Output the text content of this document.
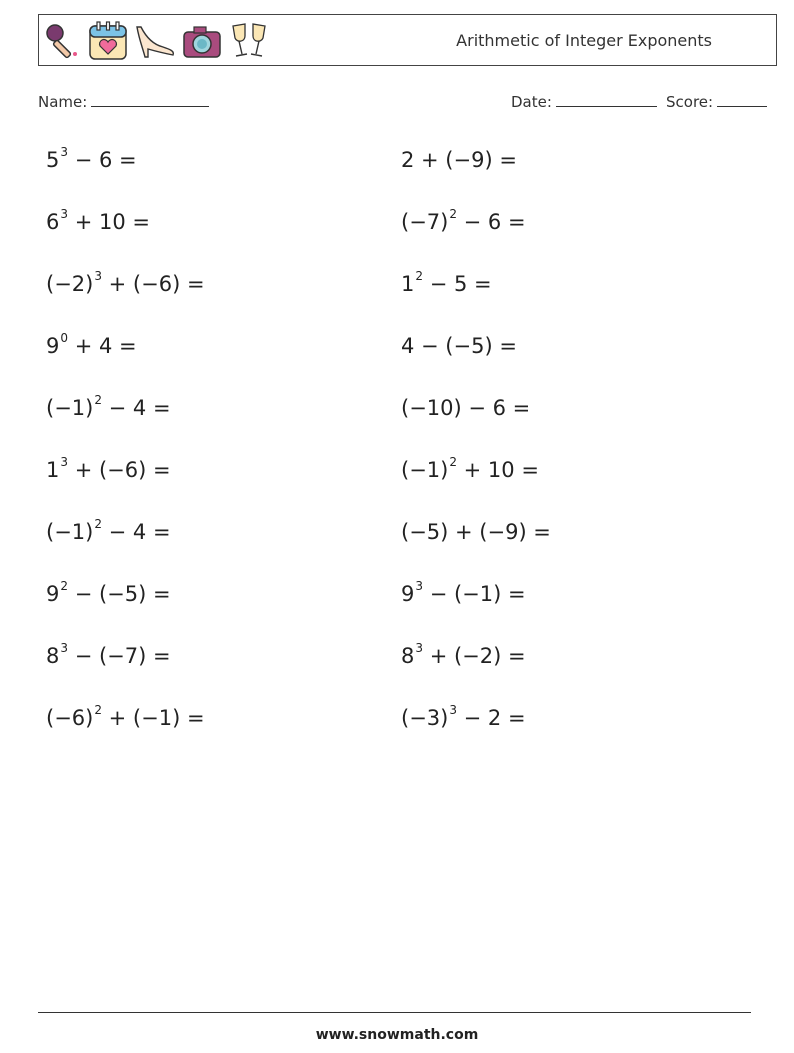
Arithmetic of Integer Exponents
Name:	Date:	Score:
$5^3 - 6$ =
$6^3 + 10$ =
$(-2)^3 + (-6)$ =
$9^0 + 4$ =
$(-1)^2 - 4$ =
$1^3 + (-6)$ =
$(-1)^2 - 4$ =
$9^2 - (-5)$ =
$8^3 - (-7)$ =
$(-6)^2 + (-1)$ =
2 + (−9) =
$(-7)^2 - 6$ =
$1^2 - 5$ =
4 − (−5) =
(−10) − 6 =
$(-1)^2 + 10$ =
(−5) + (−9) =
$9^3 - (-1)$ =
$8^3 + (-2)$ =
$(-3)^3 - 2$ =
www.snowmath.com
